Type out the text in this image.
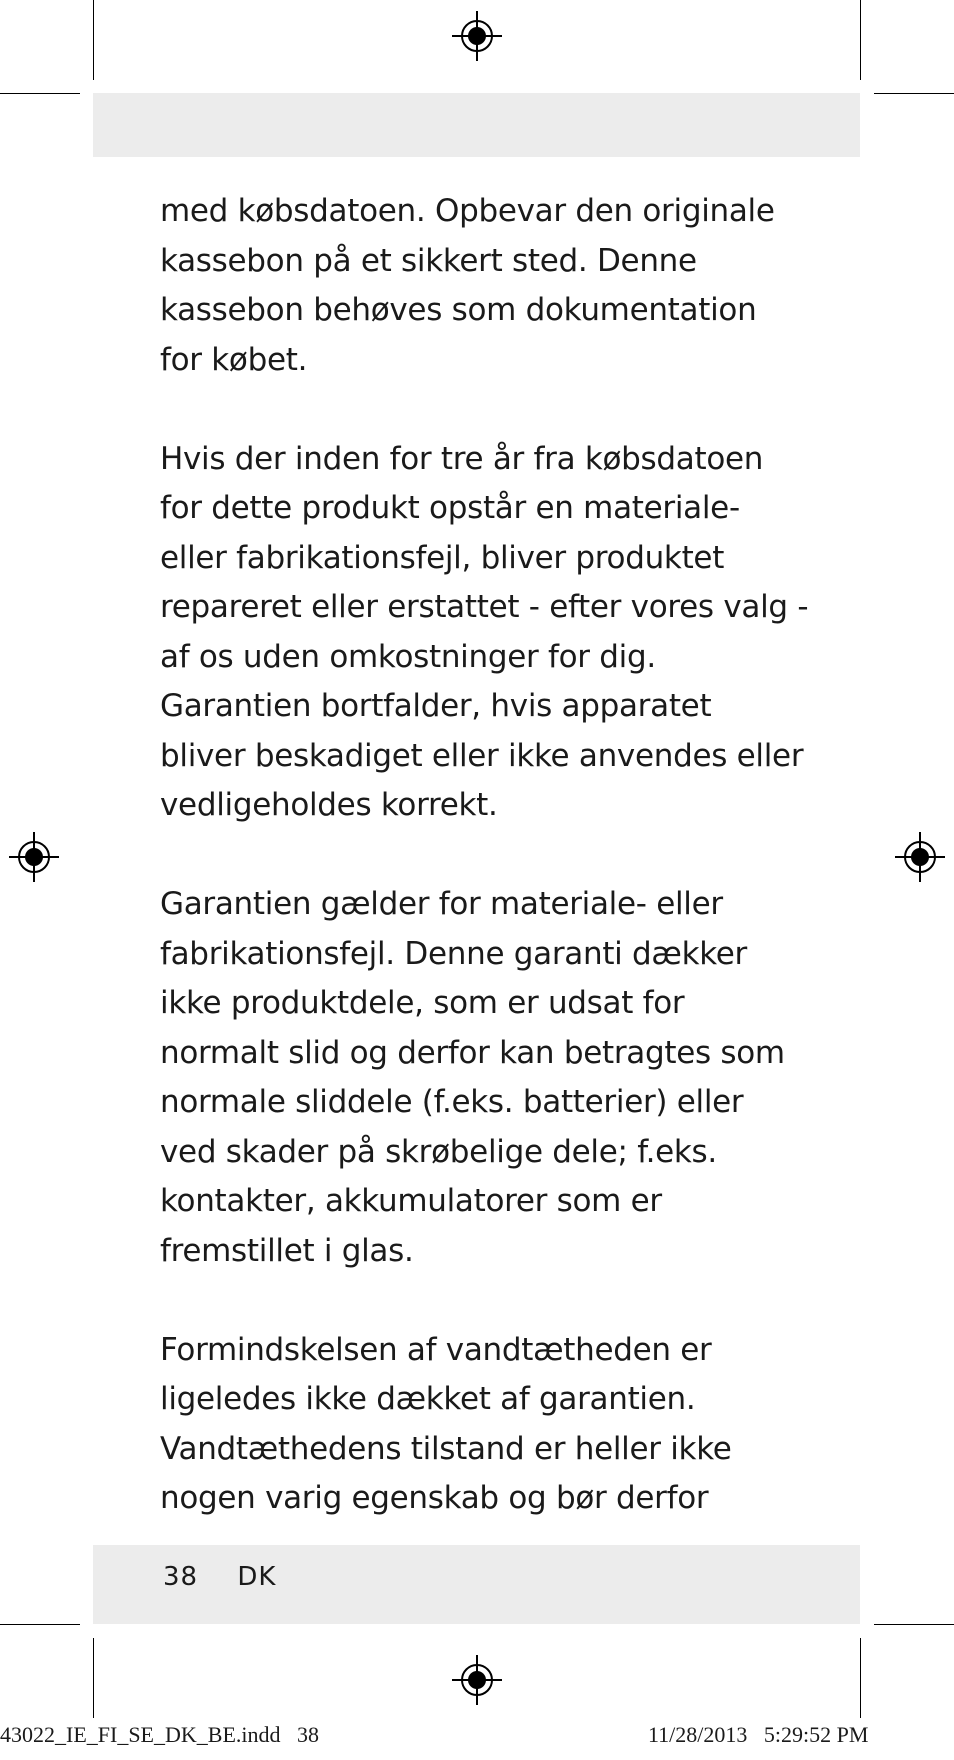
med købsdatoen. Opbevar den originale
kassebon på et sikkert sted. Denne
kassebon behøves som dokumentation
for købet.

Hvis der inden for tre år fra købsdatoen
for dette produkt opstår en materiale-
eller fabrikationsfejl, bliver produktet
repareret eller erstattet - efter vores valg -
af os uden omkostninger for dig.
Garantien bortfalder, hvis apparatet
bliver beskadiget eller ikke anvendes eller
vedligeholdes korrekt.

Garantien gælder for materiale- eller
fabrikationsfejl. Denne garanti dækker
ikke produktdele, som er udsat for
normalt slid og derfor kan betragtes som
normale sliddele (f.eks. batterier) eller
ved skader på skrøbelige dele; f.eks.
kontakter, akkumulatorer som er
fremstillet i glas.

Formindskelsen af vandtætheden er
ligeledes ikke dækket af garantien.
Vandtæthedens tilstand er heller ikke
nogen varig egenskab og bør derfor

38 DK
43022_IE_FI_SE_DK_BE.indd   38	11/28/2013   5:29:52 PM
